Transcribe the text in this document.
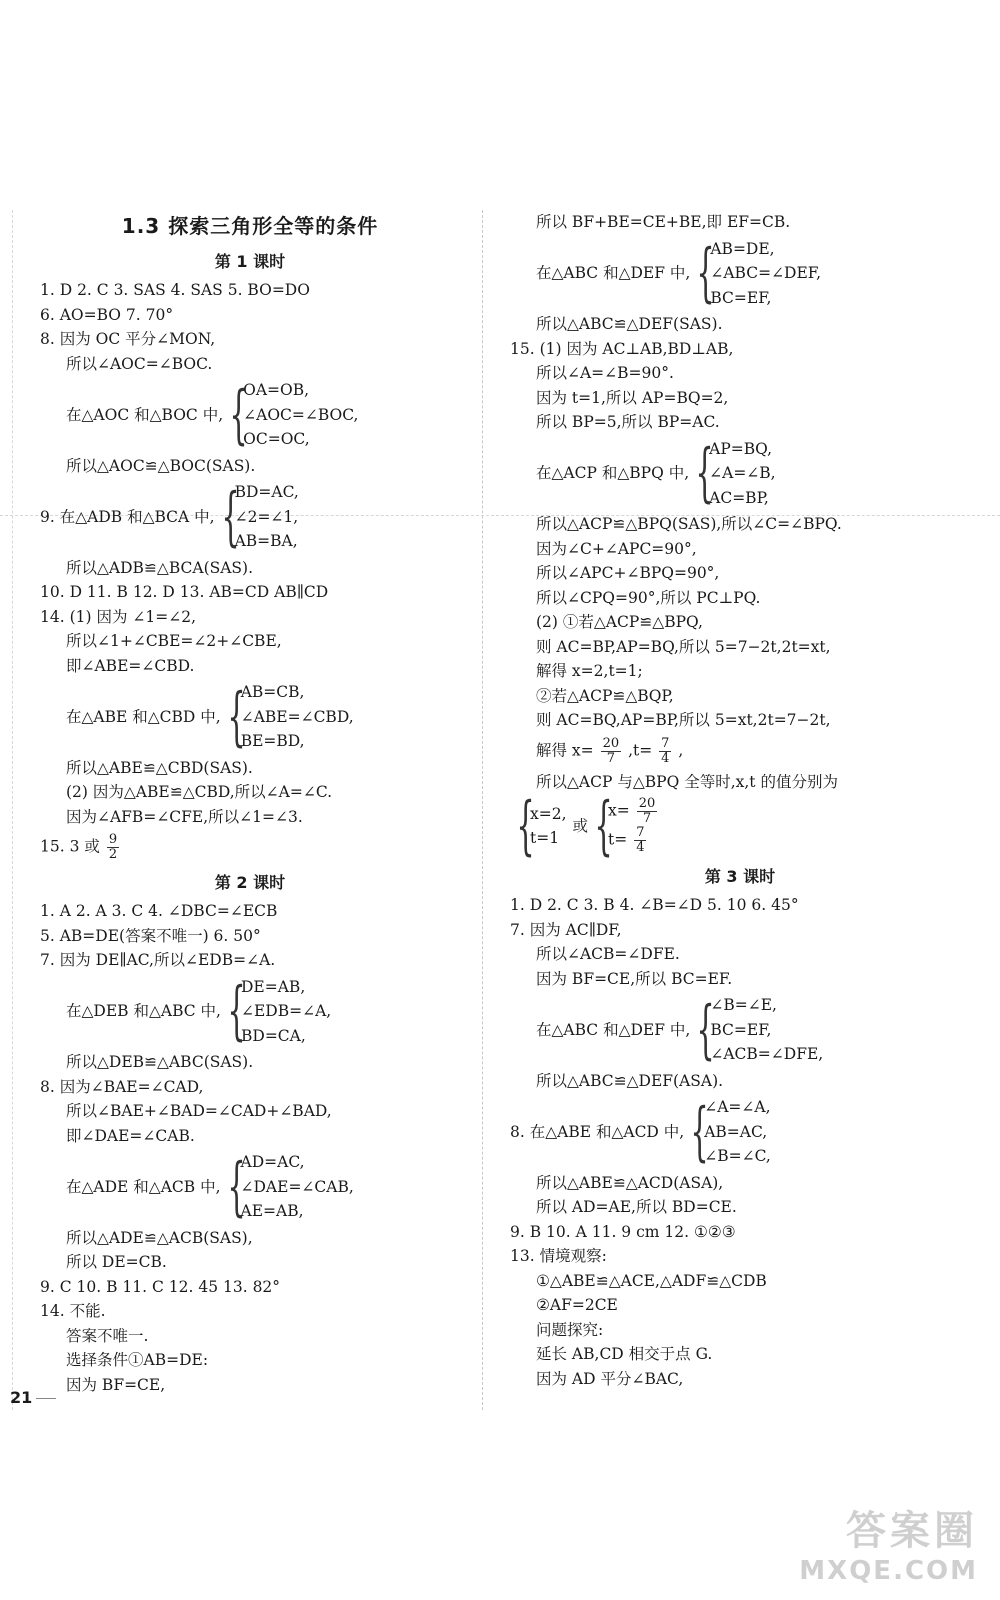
1.3 探索三角形全等的条件
第 1 课时
1. D 2. C 3. SAS 4. SAS 5. BO=DO
6. AO=BO 7. 70°
8. 因为 OC 平分∠MON,
所以∠AOC=∠BOC.
在△AOC 和△BOC 中, {
OA=OB,
∠AOC=∠BOC,
OC=OC,
所以△AOC≌△BOC(SAS).
9. 在△ADB 和△BCA 中, {
BD=AC,
∠2=∠1,
AB=BA,
所以△ADB≌△BCA(SAS).
10. D 11. B 12. D 13. AB=CD AB∥CD
14. (1) 因为 ∠1=∠2,
所以∠1+∠CBE=∠2+∠CBE,
即∠ABE=∠CBD.
在△ABE 和△CBD 中, {
AB=CB,
∠ABE=∠CBD,
BE=BD,
所以△ABE≌△CBD(SAS).
(2) 因为△ABE≌△CBD,所以∠A=∠C.
因为∠AFB=∠CFE,所以∠1=∠3.
15. 3 或 $\frac{9}{2}$
第 2 课时
1. A 2. A 3. C 4. ∠DBC=∠ECB
5. AB=DE(答案不唯一) 6. 50°
7. 因为 DE∥AC,所以∠EDB=∠A.
在△DEB 和△ABC 中, {
DE=AB,
∠EDB=∠A,
BD=CA,
所以△DEB≌△ABC(SAS).
8. 因为∠BAE=∠CAD,
所以∠BAE+∠BAD=∠CAD+∠BAD,
即∠DAE=∠CAB.
在△ADE 和△ACB 中, {
AD=AC,
∠DAE=∠CAB,
AE=AB,
所以△ADE≌△ACB(SAS),
所以 DE=CB.
9. C 10. B 11. C 12. 45 13. 82°
14. 不能.
答案不唯一.
选择条件①AB=DE:
因为 BF=CE,
所以 BF+BE=CE+BE,即 EF=CB.
在△ABC 和△DEF 中, {
AB=DE,
∠ABC=∠DEF,
BC=EF,
所以△ABC≌△DEF(SAS).
15. (1) 因为 AC⊥AB,BD⊥AB,
所以∠A=∠B=90°.
因为 t=1,所以 AP=BQ=2,
所以 BP=5,所以 BP=AC.
在△ACP 和△BPQ 中, {
AP=BQ,
∠A=∠B,
AC=BP,
所以△ACP≌△BPQ(SAS),所以∠C=∠BPQ.
因为∠C+∠APC=90°,
所以∠APC+∠BPQ=90°,
所以∠CPQ=90°,所以 PC⊥PQ.
(2) ①若△ACP≌△BPQ,
则 AC=BP,AP=BQ,所以 5=7−2t,2t=xt,
解得 x=2,t=1;
②若△ACP≌△BQP,
则 AC=BQ,AP=BP,所以 5=xt,2t=7−2t,
解得 $x= \frac{20}{7} ,t= \frac{7}{4}$ ,
所以△ACP 与△BPQ 全等时,x,t 的值分别为
{
x=2,
t=1
或 {
$x= \frac{20}{7}$
$t= \frac{7}{4}$
第 3 课时
1. D 2. C 3. B 4. ∠B=∠D 5. 10 6. 45°
7. 因为 AC∥DF,
所以∠ACB=∠DFE.
因为 BF=CE,所以 BC=EF.
在△ABC 和△DEF 中, {
∠B=∠E,
BC=EF,
∠ACB=∠DFE,
所以△ABC≌△DEF(ASA).
8. 在△ABE 和△ACD 中, {
∠A=∠A,
AB=AC,
∠B=∠C,
所以△ABE≌△ACD(ASA),
所以 AD=AE,所以 BD=CE.
9. B 10. A 11. 9 cm 12. ①②③
13. 情境观察:
①△ABE≌△ACE,△ADF≌△CDB
②AF=2CE
问题探究:
延长 AB,CD 相交于点 G.
因为 AD 平分∠BAC,
21
答案圈
MXQE.COM
